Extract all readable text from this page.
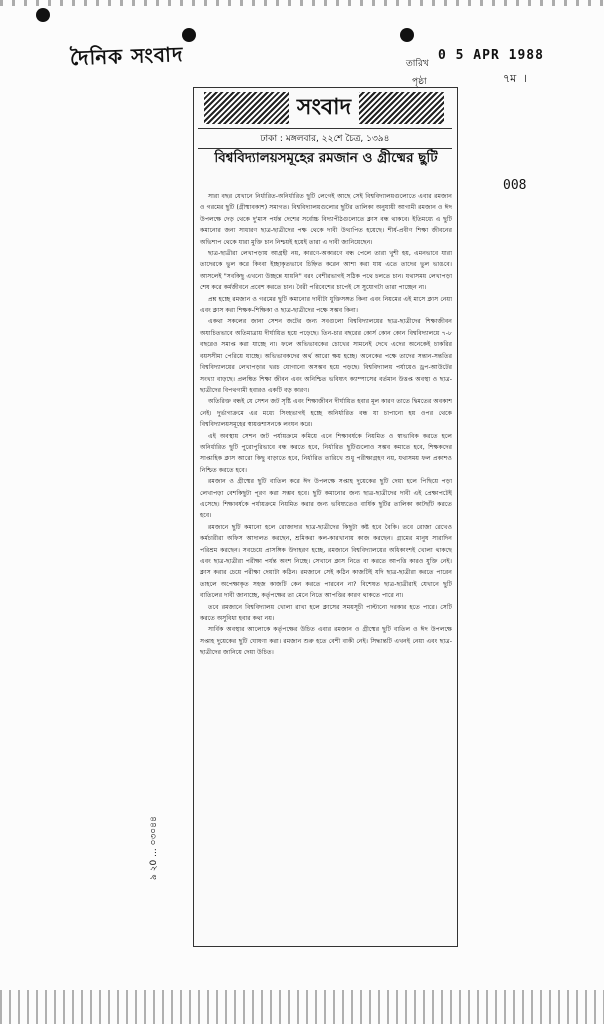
দৈনিক সংবাদ	তারিখ
0 5 APR 1988
পৃষ্ঠা	৭ম ।
008
৯ ২0 ... ০৩০৪৪
সংবাদ
ঢাকা : মঙ্গলবার, ২২শে চৈত্র, ১৩৯৪
বিশ্ববিদ্যালয়সমূহের রমজান ও গ্রীষ্মের ছুটি

সারা বছর যেখানে নির্ধারিত-অনির্ধারিত ছুটি লেগেই আছে সেই বিশ্ববিদ্যালয়গুলোতে এবার রমজান ও গরমের ছুটি (গ্রীষ্মাবকাশ) সমাগত। বিশ্ববিদ্যালয়গুলোর ছুটির তালিকা অনুযায়ী আগামী রমজান ও ঈদ উপলক্ষে দেড় থেকে দু'মাস পর্যন্ত দেশের সর্বোচ্চ বিদ্যাপীঠগুলোতে ক্লাস বন্ধ থাকবে। ইতিমধ্যে এ ছুটি কমানোর জন্য সাধারণ ছাত্র-ছাত্রীদের পক্ষ থেকে দাবী উত্থাপিত হয়েছে। শীর্ষ-প্রবীণ শিক্ষা জীবনের অভিশাপ থেকে যারা মুক্তি চান নিশ্চয়ই হয়েই তারা এ দাবী জানিয়েছেন।

ছাত্র-ছাত্রীরা লেখাপড়ায় আগ্রহী নয়, কারণে-অকারণে বন্ধ পেলে তারা খুশী হয়, এমনভাবে যারা তাদেরকে ভুল করে কিংবা ইচ্ছাকৃতভাবে চিহ্নিত করেন আশা করা যায় এতে তাদের ভুল ভাঙবে। আসলেই "সবকিছু এখনো উচ্ছন্নে যায়নি" বরং বেশীরভাগই সঠিক পথে চলতে চান। যথাসময় লেখাপড়া শেষ করে কর্মজীবনে প্রবেশ করতে চান। বৈরী পরিবেশের চাপেই সে সুযোগটা তারা পাচ্ছেন না।

প্রশ্ন হচ্ছে রমজান ও গরমের ছুটি কমানোর দাবীটা যুক্তিসঙ্গত কিনা এবং নিয়মের এই মাসে ক্লাস নেয়া এবং ক্লাস করা শিক্ষক-শিক্ষিকা ও ছাত্র-ছাত্রীদের পক্ষে সম্ভব কিনা।

একথা সকলের জানা সেশন জটের জন্য সবগুলো বিশ্ববিদ্যালয়ের ছাত্র-ছাত্রীদের শিক্ষাজীবন অযাচিতভাবে অতিমাত্রায় দীর্ঘায়িত হয়ে পড়েছে। তিন-চার বছরের কোর্স কোন কোন বিশ্ববিদ্যালয়ে ৭-৮ বছরেও সমাপ্ত করা যাচ্ছে না। ফলে অভিভাবকের চোখের সামনেই দেখে এদের অনেকেই চাকরির বয়সসীমা পেরিয়ে যাচ্ছে। অভিভাবকদের অর্থ আরো ক্ষয় হচ্ছে। অনেকের পক্ষে তাদের সন্তান-সন্ততির বিশ্ববিদ্যালয়ের লেখাপড়ার খরচ যোগানো অসম্ভব হয়ে পড়ছে। বিশ্ববিদ্যালয় পর্যায়েও ড্রপ-আউটের সংখ্যা বাড়ছে। প্রলম্বিত শিক্ষা জীবন এবং অনিশ্চিত ভবিষ্যৎ ক্যাম্পাসের বর্তমান উত্তপ্ত অবস্থা ও ছাত্র-ছাত্রীদের বিপথগামী হবারও একটি বড় কারণ।

অতিরিক্ত বন্ধই যে সেশন জট সৃষ্টি এবং শিক্ষাজীবন দীর্ঘায়িত হবার মূল কারণ তাতে দ্বিমতের অবকাশ নেই। দুর্ভাগ্যক্রমে এর মধ্যে সিংহভাগই হচ্ছে অনির্ধারিত বন্ধ যা চাপানো হয় ওপর থেকে বিশ্ববিদ্যালয়সমূহের স্বায়ত্তশাসনকে লংঘন করে।

এই অবস্থায় সেশন জট পর্যায়ক্রমে কমিয়ে এনে শিক্ষাবর্ষকে নিয়মিত ও স্বাভাবিক করতে হলে অনির্ধারিত ছুটি পুরোপুরিভাবে বন্ধ করতে হবে, নির্ধারিত ছুটিগুলোও সম্ভব কমাতে হবে, শিক্ষকদের সাপ্তাহিক ক্লাস আরো কিছু বাড়াতে হবে, নির্ধারিত তারিখে শুধু পরীক্ষাগ্রহণ নয়, যথাসময় ফল প্রকাশও নিশ্চিত করতে হবে।

রমজান ও গ্রীষ্মের ছুটি বাতিল করে ঈদ উপলক্ষে সপ্তাহ দুয়েকের ছুটি দেয়া হলে পিছিয়ে পড়া লেখাপড়া বেশকিছুটা পূরণ করা সম্ভব হবে। ছুটি কমানোর জন্য ছাত্র-ছাত্রীদের দাবী এই প্রেক্ষাপটেই এসেছে। শিক্ষাবর্ষকে পর্যায়ক্রমে নিয়মিত করার জন্য ভবিষ্যতেও বার্ষিক ছুটির তালিকা কাটছাঁট করতে হবে।

রমজানে ছুটি কমানো হলে রোজাদার ছাত্র-ছাত্রীদের কিছুটা কষ্ট হবে বৈকি। তবে রোজা রেখেও কর্মচারীরা অফিস আদালত করছেন, শ্রমিকরা কল-কারখানায় কাজ করছেন। গ্রামের মানুষ সারাদিন পরিশ্রম করছেন। সবচেয়ে প্রাসঙ্গিক উদাহরণ হচ্ছে, রমজানে বিশ্ববিদ্যালয়ের অধিকাংশই খোলা থাকছে এবং ছাত্র-ছাত্রীরা পরীক্ষা পর্যন্ত অংশ নিচ্ছে। সেখানে ক্লাস নিতে বা করতে আপত্তি কারও যুক্তি নেই। ক্লাস করার চেয়ে পরীক্ষা দেয়াটা কঠিন। রমজানে সেই কঠিন কাজটিই যদি ছাত্র-ছাত্রীরা করতে পারেন তাহলে অপেক্ষাকৃত সহজ কাজটি কেন করতে পারবেন না? বিশেষত ছাত্র-ছাত্রীরাই যেখানে ছুটি বাতিলের দাবী জানাচ্ছে, কর্তৃপক্ষের তা মেনে নিতে আপত্তির কারণ থাকতে পারে না।

তবে রমজানে বিশ্ববিদ্যালয় খোলা রাখা হলে ক্লাসের সময়সূচী পাল্টানো দরকার হতে পারে। সেটি করতে অসুবিধা হবার কথা নয়।

সার্বিক অবস্থার আলোকে কর্তৃপক্ষের উচিত এবার রমজান ও গ্রীষ্মের ছুটি বাতিল ও ঈদ উপলক্ষে সপ্তাহ দুয়েকের ছুটি ঘোষণা করা। রমজান শুরু হতে বেশী বাকী নেই। সিদ্ধান্তটি এখনই নেয়া এবং ছাত্র-ছাত্রীদের জানিয়ে দেয়া উচিত।
